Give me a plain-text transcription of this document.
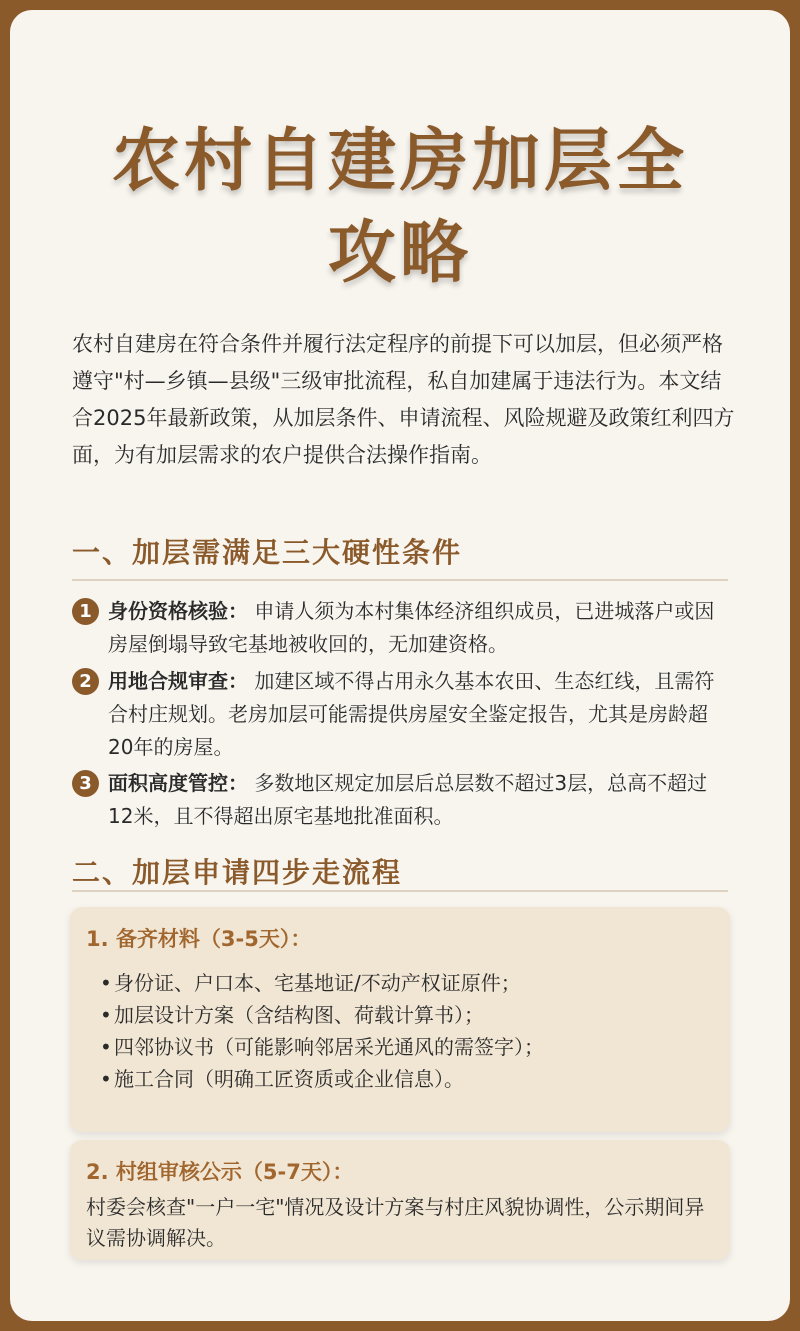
农村自建房加层全
攻略

农村自建房在符合条件并履行法定程序的前提下可以加层，但必须严格遵守"村—乡镇—县级"三级审批流程，私自加建属于违法行为。本文结合2025年最新政策，从加层条件、申请流程、风险规避及政策红利四方面，为有加层需求的农户提供合法操作指南。

一、加层需满足三大硬性条件
1 身份资格核验： 申请人须为本村集体经济组织成员，已进城落户或因房屋倒塌导致宅基地被收回的，无加建资格。
2 用地合规审查： 加建区域不得占用永久基本农田、生态红线，且需符合村庄规划。老房加层可能需提供房屋安全鉴定报告，尤其是房龄超20年的房屋。
3 面积高度管控： 多数地区规定加层后总层数不超过3层，总高不超过12米，且不得超出原宅基地批准面积。
二、加层申请四步走流程
1. 备齐材料（3-5天）：
• 身份证、户口本、宅基地证/不动产权证原件；
• 加层设计方案（含结构图、荷载计算书）；
• 四邻协议书（可能影响邻居采光通风的需签字）；
• 施工合同（明确工匠资质或企业信息）。
2. 村组审核公示（5-7天）：
村委会核查"一户一宅"情况及设计方案与村庄风貌协调性，公示期间异议需协调解决。
